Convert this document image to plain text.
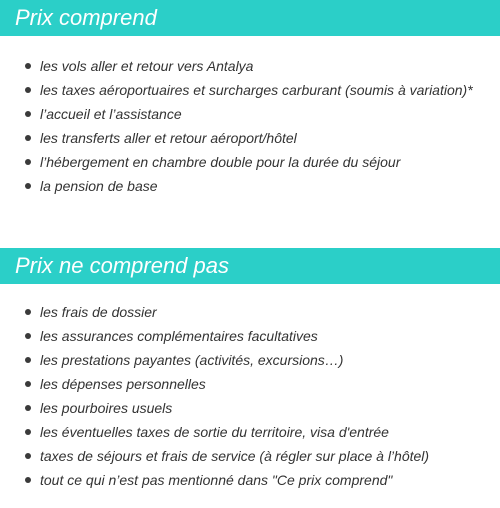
Prix comprend
les vols aller et retour vers Antalya
les taxes aéroportuaires et surcharges carburant (soumis à variation)*
l’accueil et l’assistance
les transferts aller et retour aéroport/hôtel
l’hébergement en chambre double pour la durée du séjour
la pension de base
Prix ne comprend pas
les frais de dossier
les assurances complémentaires facultatives
les prestations payantes (activités, excursions…)
les dépenses personnelles
les pourboires usuels
les éventuelles taxes de sortie du territoire, visa d'entrée
taxes de séjours et frais de service (à régler sur place à l’hôtel)
tout ce qui n’est pas mentionné dans "Ce prix comprend"
